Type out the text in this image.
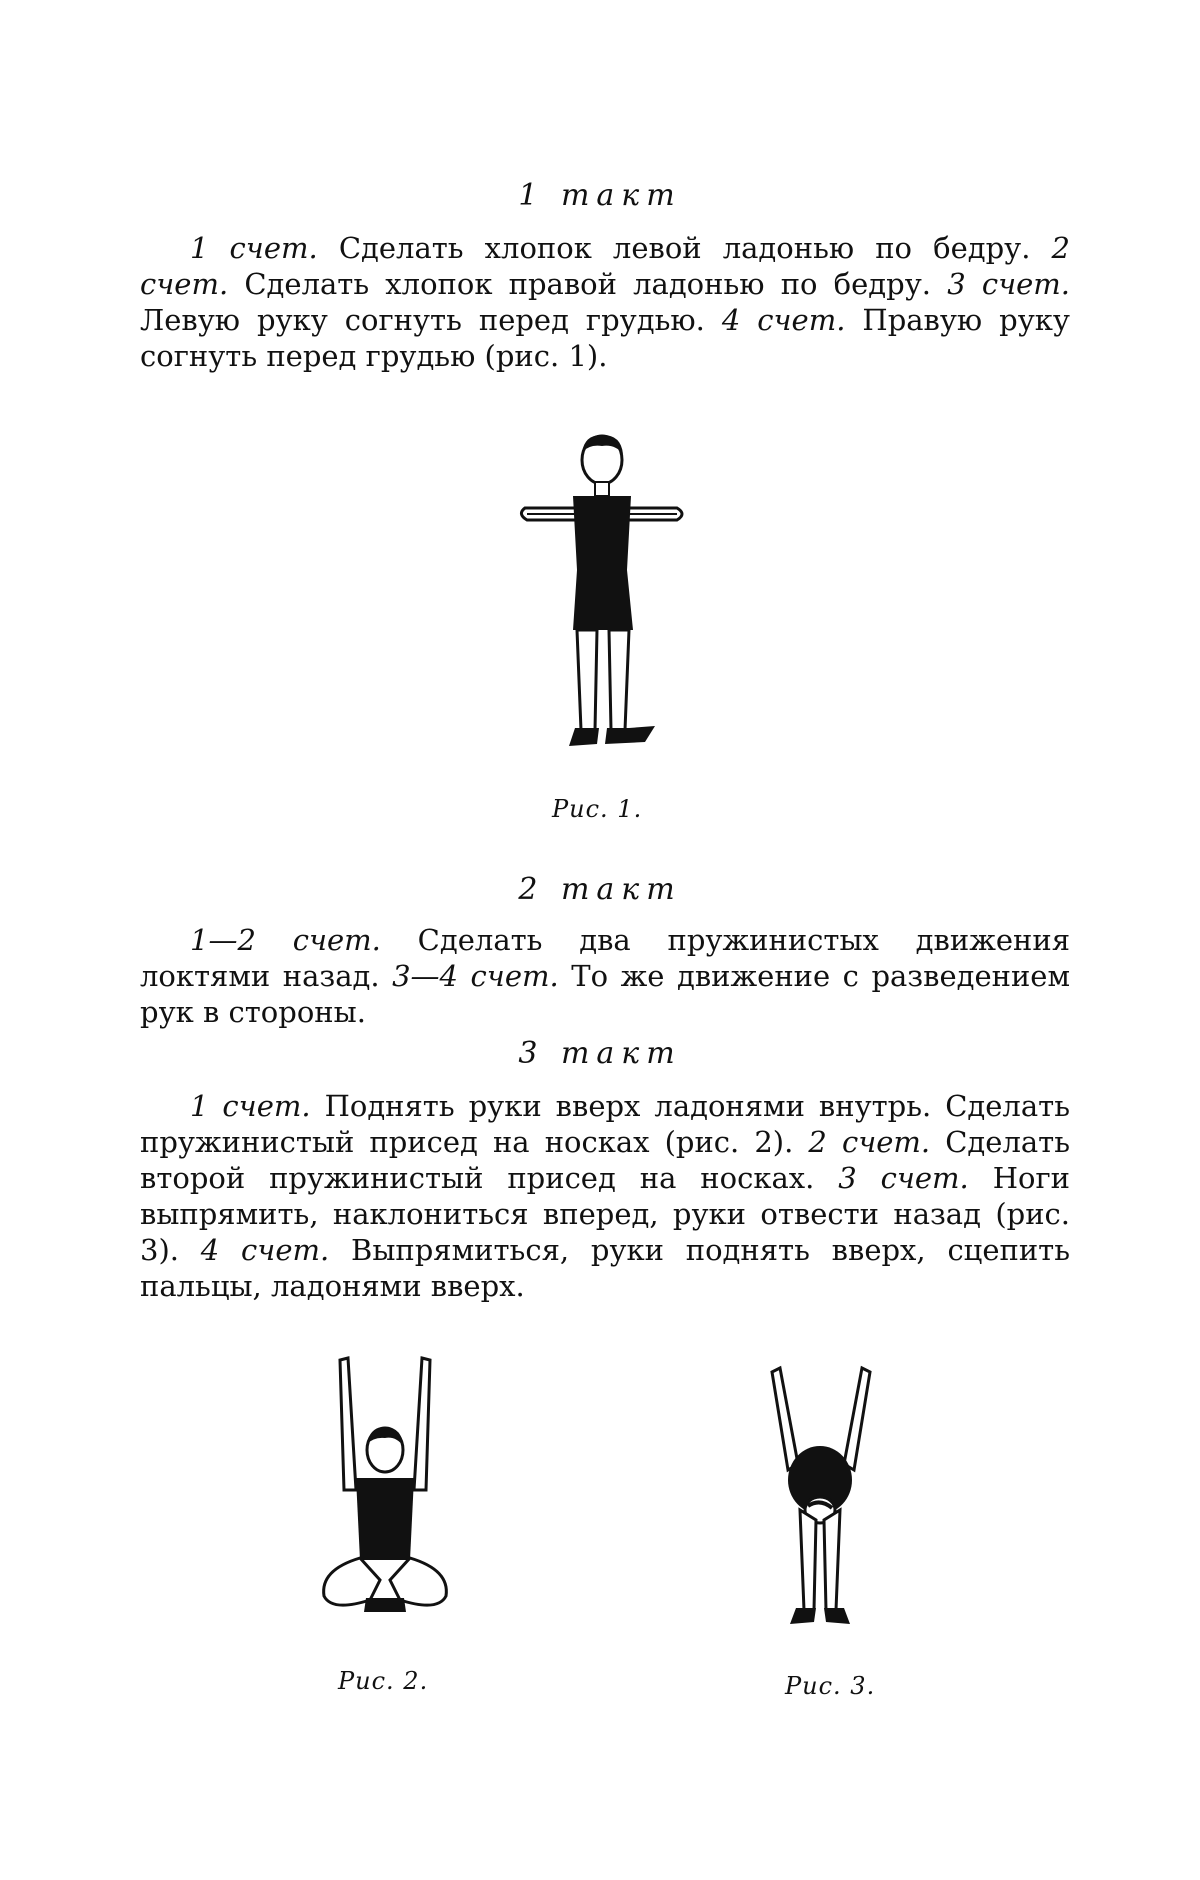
1 такт
1 счет. Сделать хлопок левой ладонью по бедру. 2 счет. Сделать хлопок правой ладонью по бедру. 3 счет. Левую руку согнуть перед грудью. 4 счет. Правую руку согнуть перед грудью (рис. 1).
Рис. 1.
2 такт
1—2 счет. Сделать два пружинистых движения локтями назад. 3—4 счет. То же движение с разведением рук в стороны.
3 такт
1 счет. Поднять руки вверх ладонями внутрь. Сделать пружинистый присед на носках (рис. 2). 2 счет. Сделать второй пружинистый присед на носках. 3 счет. Ноги выпрямить, наклониться вперед, руки отвести назад (рис. 3). 4 счет. Выпрямиться, руки поднять вверх, сцепить пальцы, ладонями вверх.
Рис. 2.	Рис. 3.
